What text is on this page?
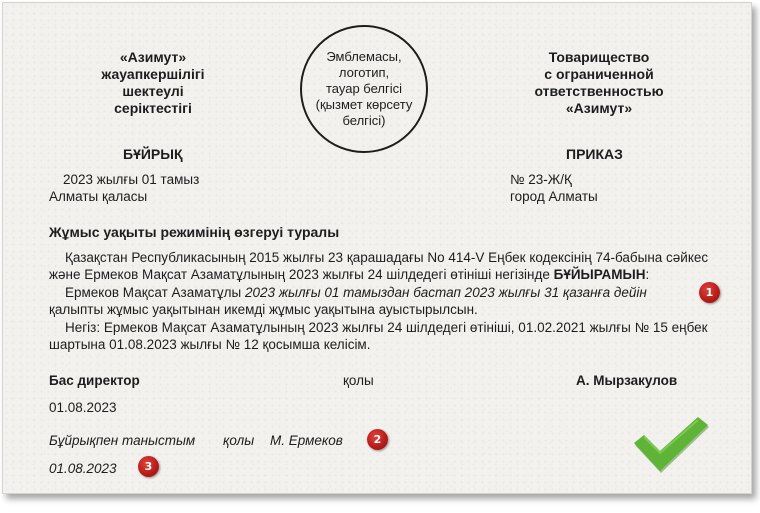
«Азимут»
жауапкершілігі
шектеулі
серіктестігі
Эмблемасы,
логотип,
тауар белгісі
(қызмет көрсету
белгісі)
Товарищество
с ограниченной
ответственностью
«Азимут»
БҰЙРЫҚ	ПРИКАЗ
2023 жылғы 01 тамыз
Алматы қаласы
№ 23-Ж/Қ
город Алматы
Жұмыс уақыты режимінің өзгеруі туралы
Қазақстан Республикасының 2015 жылғы 23 қарашадағы No 414-V Еңбек кодексінің 74-бабына сәйкес
және Ермеков Мақсат Азаматұлының 2023 жылғы 24 шілдедегі өтініші негізінде БҰЙЫРАМЫН:
Ермеков Мақсат Азаматұлы 2023 жылғы 01 тамыздан бастап 2023 жылғы 31 қазанға дейін
қалыпты жұмыс уақытынан икемді жұмыс уақытына ауыстырылсын.
Негіз: Ермеков Мақсат Азаматұлының 2023 жылғы 24 шілдедегі өтініші, 01.02.2021 жылғы № 15 еңбек
шартына 01.08.2023 жылғы № 12 қосымша келісім.
Бас директор	қолы	А. Мырзакулов
01.08.2023
Бұйрықпен таныстым қолы М. Ермеков
01.08.2023
1
2
3
